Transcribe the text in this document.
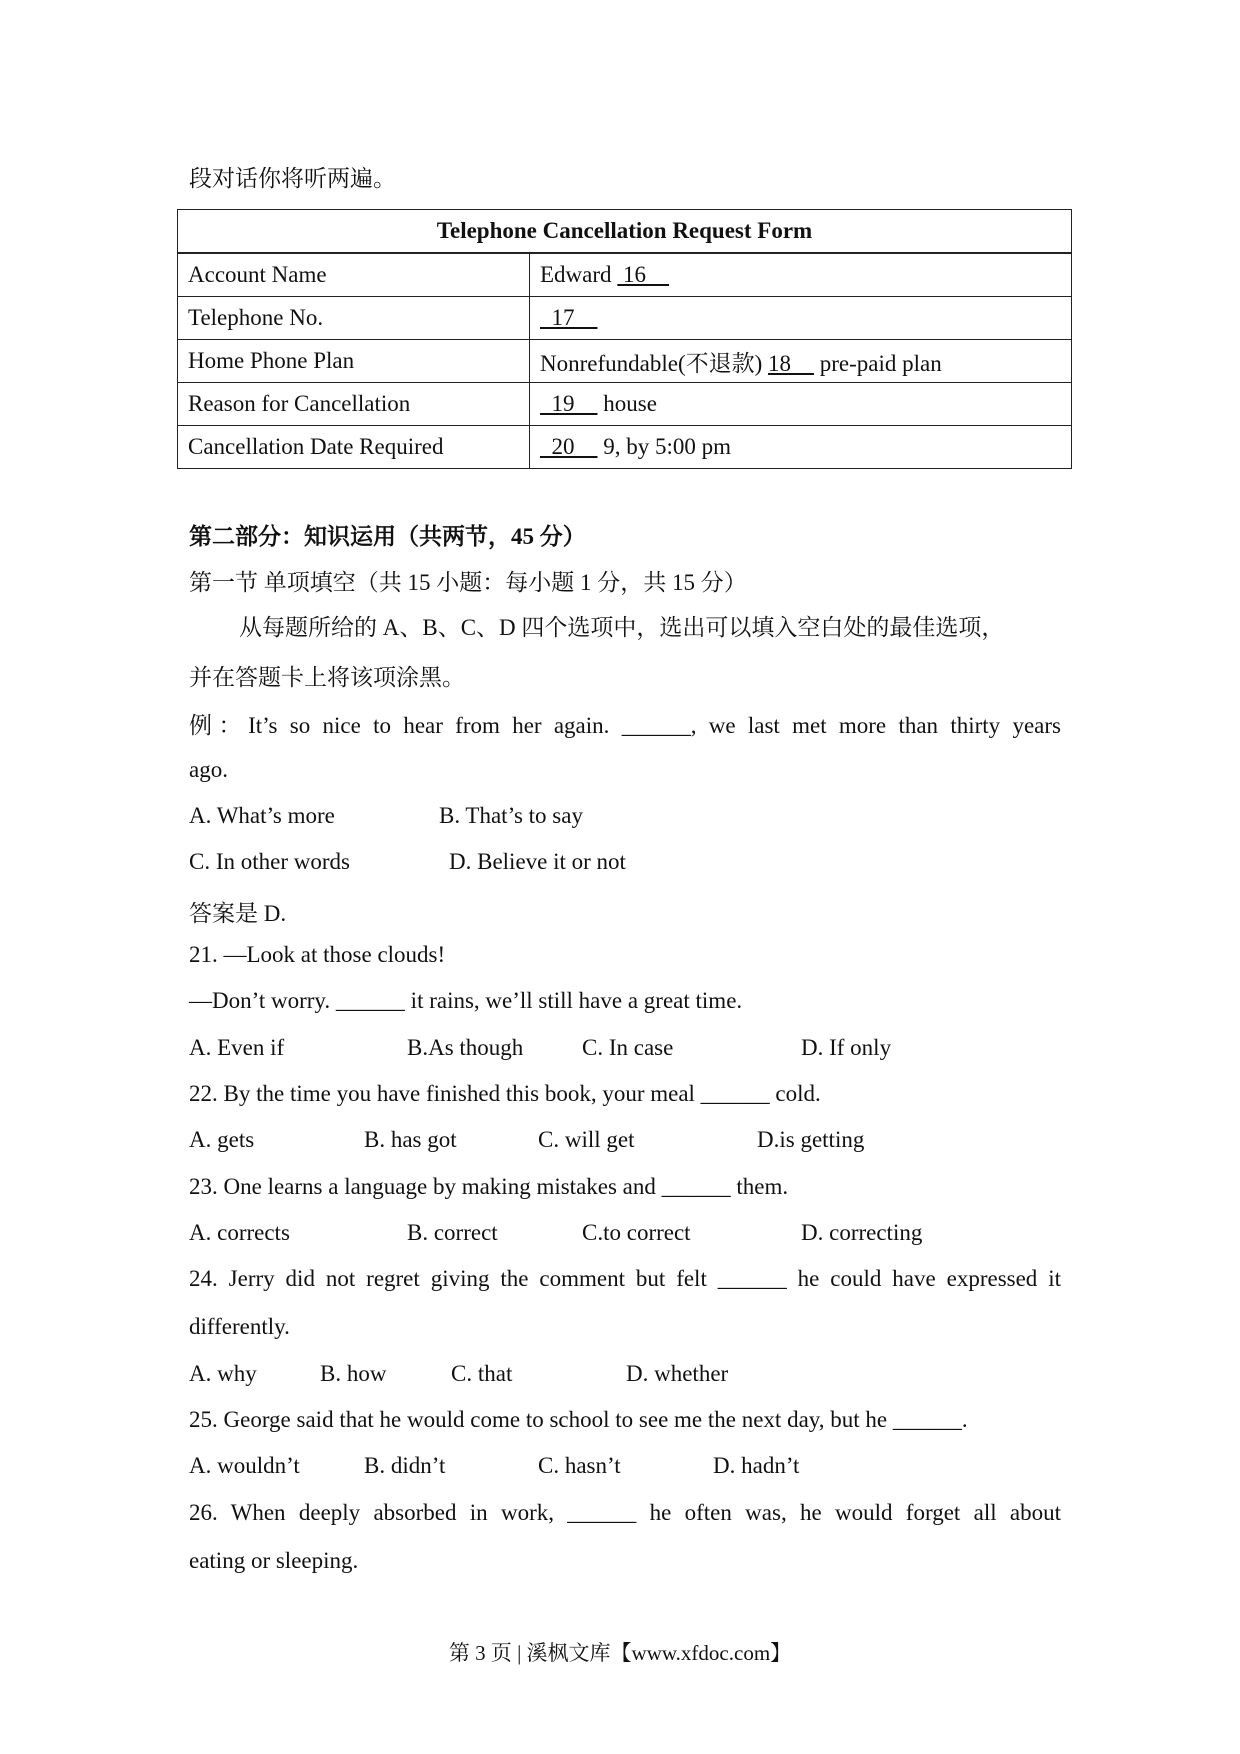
段对话你将听两遍。
Telephone Cancellation Request Form	
Account Name	Edward  16
Telephone No.	17
Home Phone Plan	Nonrefundable(不退款) 18     pre-paid plan
Reason for Cancellation	19     house
Cancellation Date Required	20     9, by 5:00 pm
第二部分：知识运用（共两节，45 分）
第一节 单项填空（共 15 小题：每小题 1 分，共 15 分）
从每题所给的 A、B、C、D 四个选项中，选出可以填入空白处的最佳选项，
并在答题卡上将该项涂黑。
例：It’s so nice to hear from her again. ______, we last met more than thirty years
ago.
A. What’s more	B. That’s to say
C. In other words	D. Believe it or not
答案是 D.
21. —Look at those clouds!
—Don’t worry. ______ it rains, we’ll still have a great time.
A. Even if	B.As though	C. In case	D. If only
22. By the time you have finished this book, your meal ______ cold.
A. gets	B. has got	C. will get	D.is getting
23. One learns a language by making mistakes and ______ them.
A. corrects	B. correct	C.to correct	D. correcting
24. Jerry did not regret giving the comment but felt ______ he could have expressed it
differently.
A. why	B. how	C. that	D. whether
25. George said that he would come to school to see me the next day, but he ______.
A. wouldn’t	B. didn’t	C. hasn’t	D. hadn’t
26. When deeply absorbed in work, ______ he often was, he would forget all about
eating or sleeping.
第 3 页 | 溪枫文库【www.xfdoc.com】
